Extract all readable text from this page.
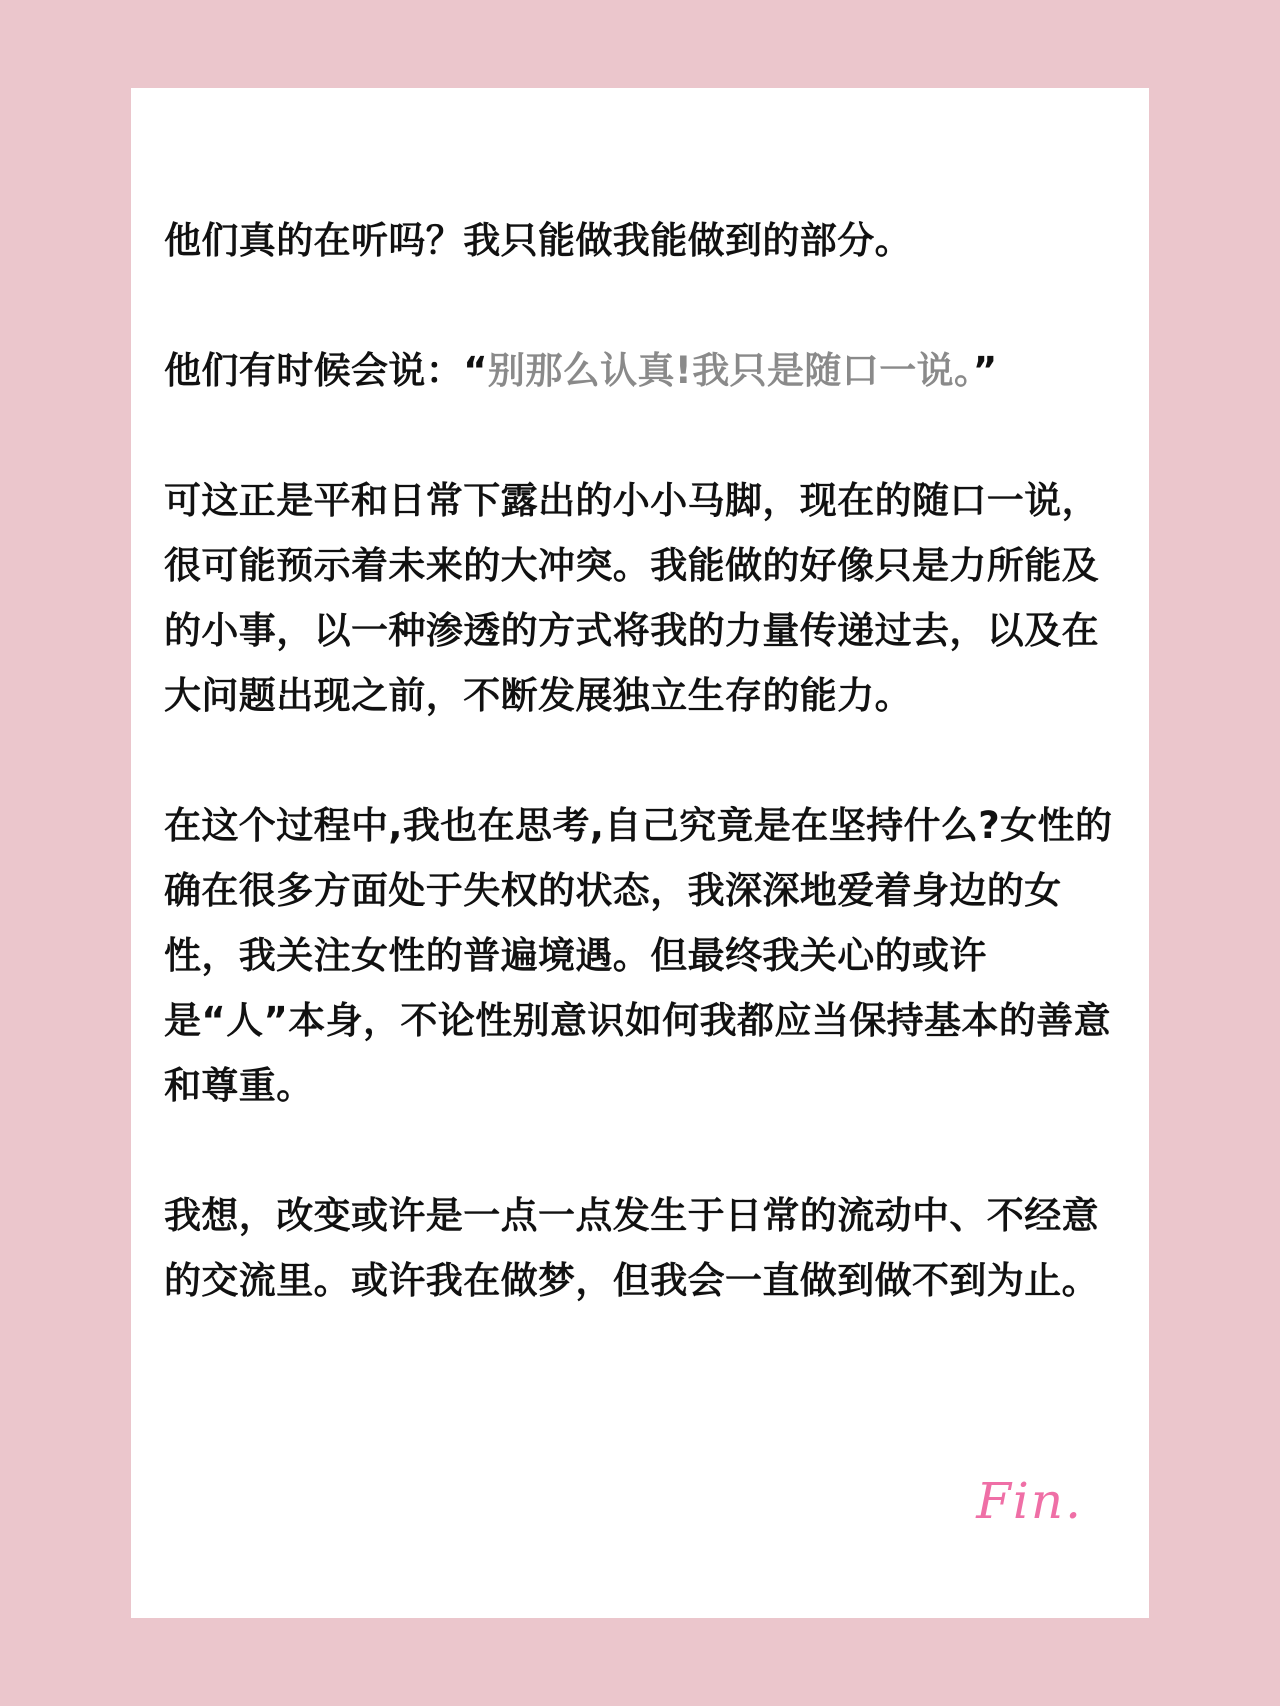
他们真的在听吗？我只能做我能做到的部分。

他们有时候会说：“别那么认真!我只是随口一说。”

可这正是平和日常下露出的小小马脚，现在的随口一说，很可能预示着未来的大冲突。我能做的好像只是力所能及的小事，以一种渗透的方式将我的力量传递过去，以及在大问题出现之前，不断发展独立生存的能力。

在这个过程中,我也在思考,自己究竟是在坚持什么?女性的确在很多方面处于失权的状态，我深深地爱着身边的女性，我关注女性的普遍境遇。但最终我关心的或许是“人”本身，不论性别意识如何我都应当保持基本的善意和尊重。

我想，改变或许是一点一点发生于日常的流动中、不经意的交流里。或许我在做梦，但我会一直做到做不到为止。

Fin.
